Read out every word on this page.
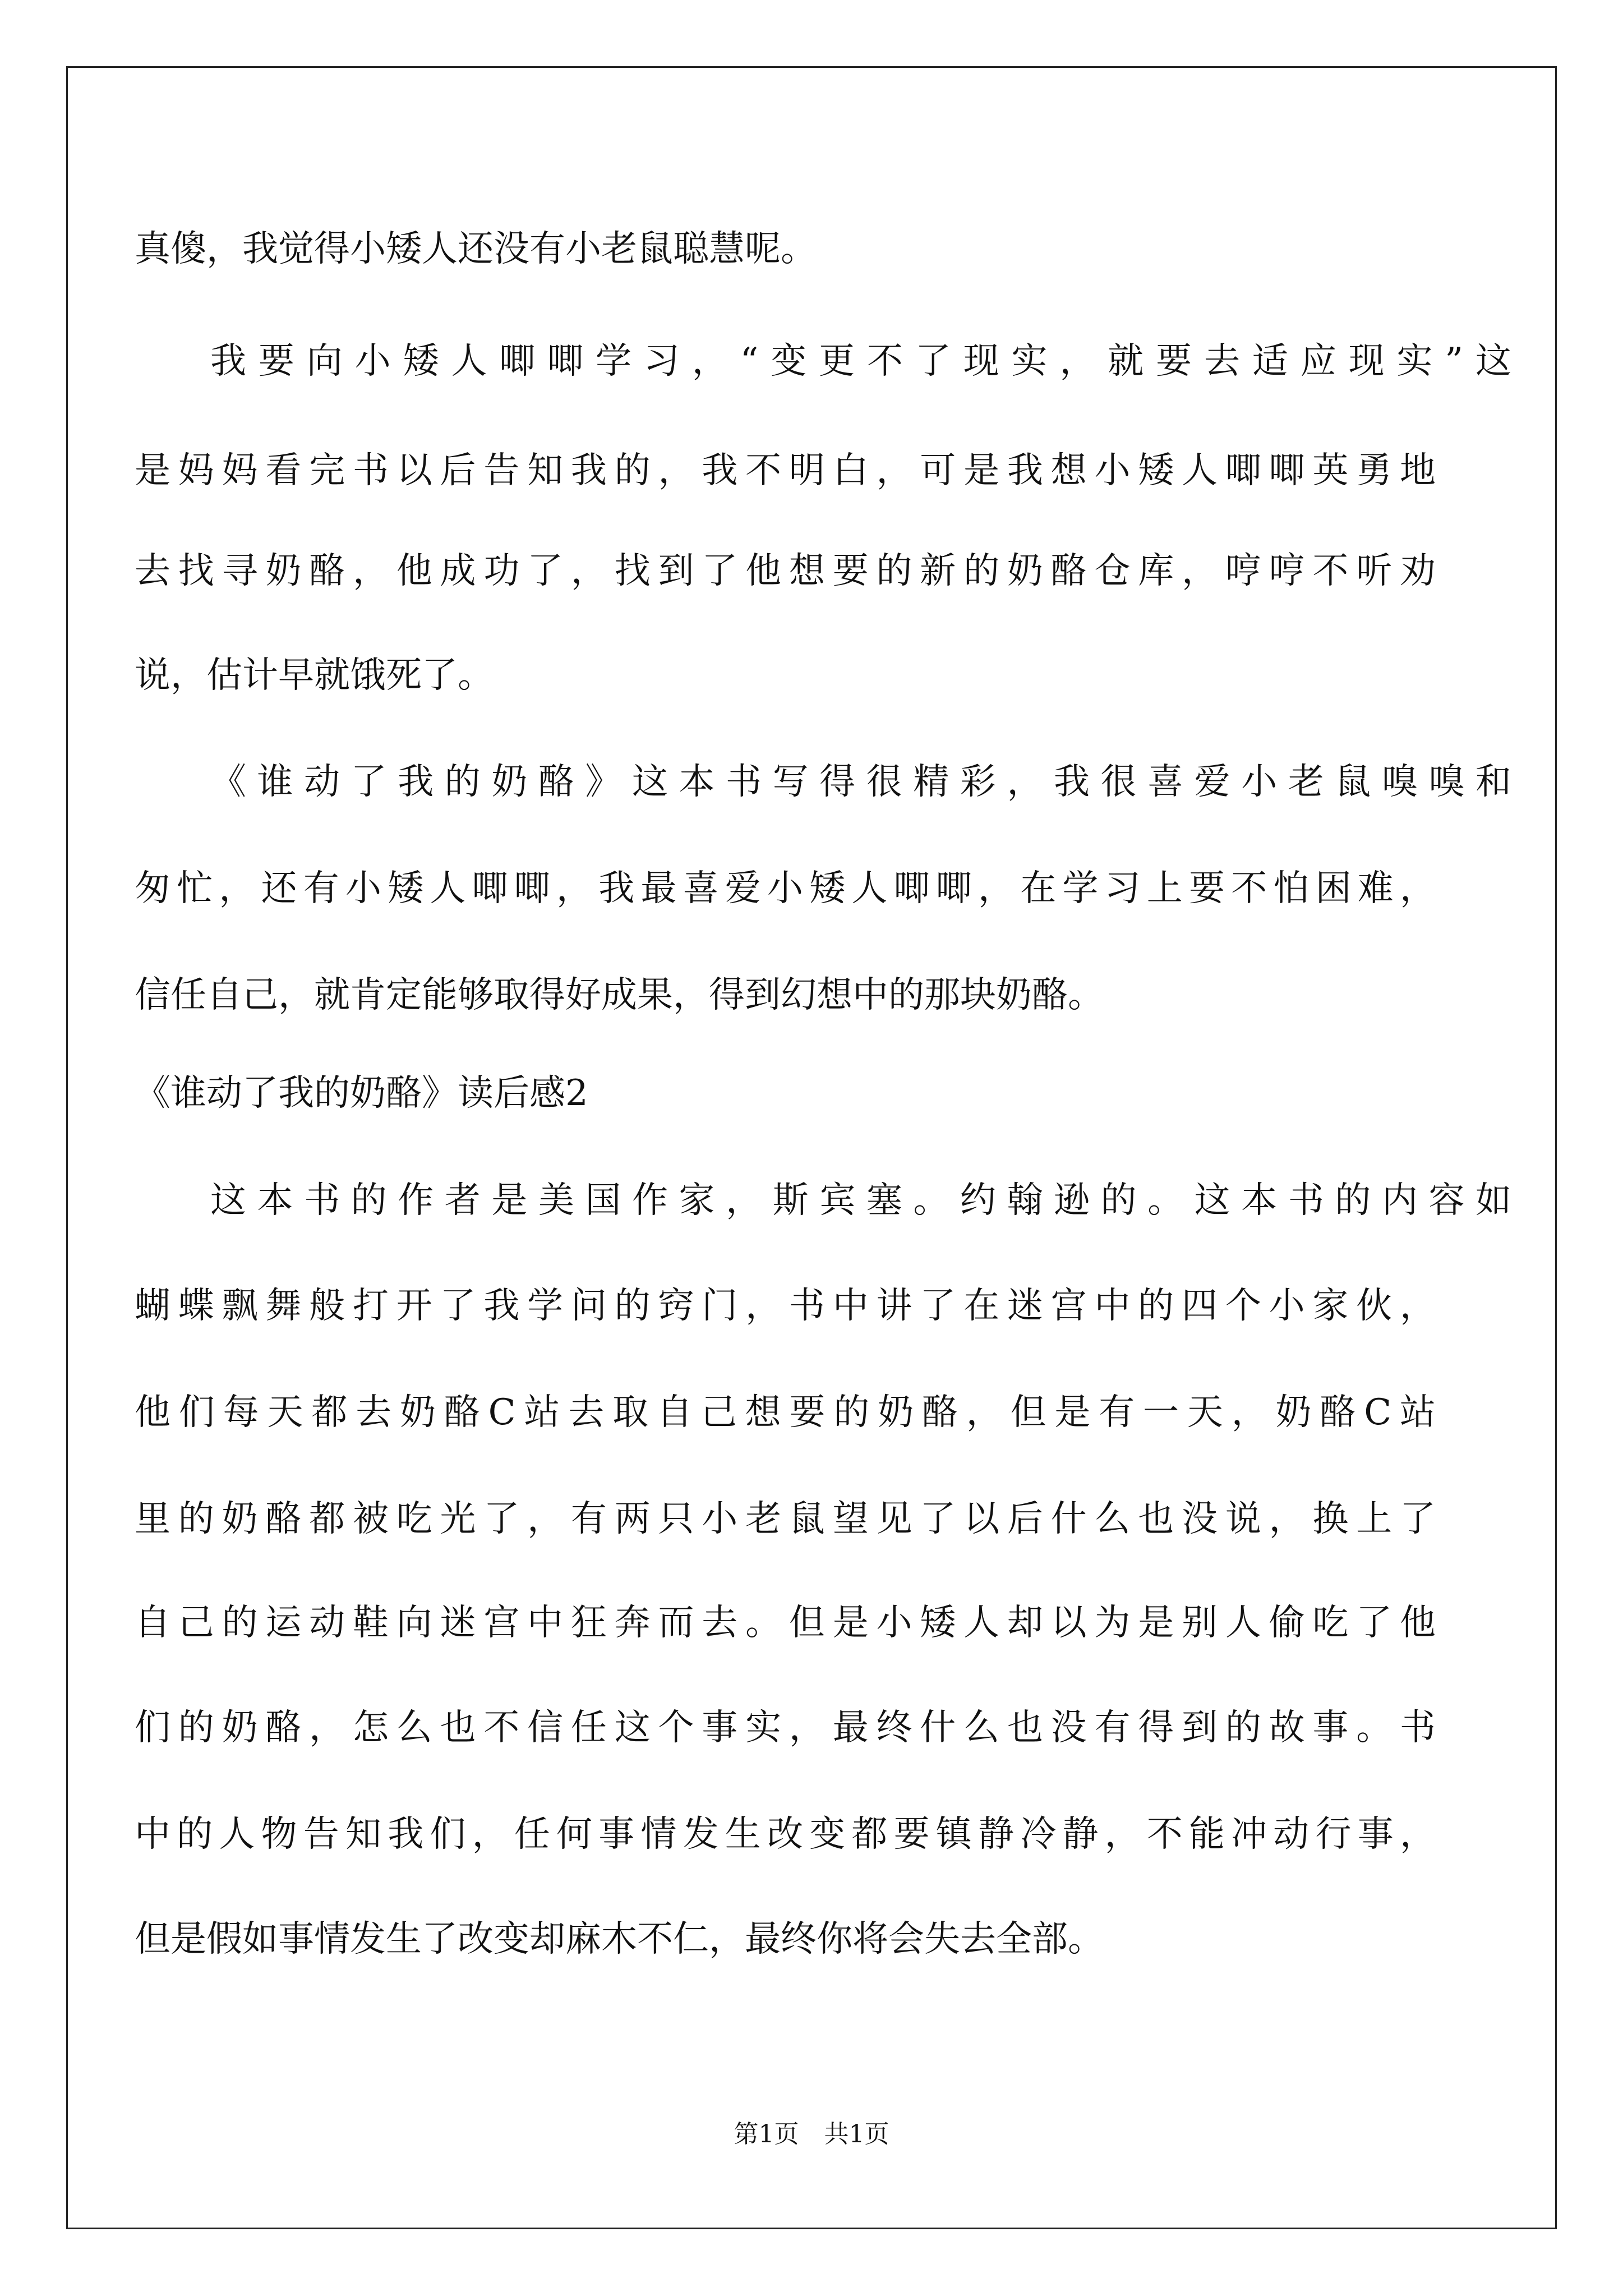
真傻，我觉得小矮人还没有小老鼠聪慧呢。
我要向小矮人唧唧学习，“变更不了现实，就要去适应现实”这
是妈妈看完书以后告知我的，我不明白，可是我想小矮人唧唧英勇地
去找寻奶酪，他成功了，找到了他想要的新的奶酪仓库，哼哼不听劝
说，估计早就饿死了。
《谁动了我的奶酪》这本书写得很精彩，我很喜爱小老鼠嗅嗅和
匆忙，还有小矮人唧唧，我最喜爱小矮人唧唧，在学习上要不怕困难，
信任自己，就肯定能够取得好成果，得到幻想中的那块奶酪。
《谁动了我的奶酪》读后感2
这本书的作者是美国作家，斯宾塞。约翰逊的。这本书的内容如
蝴蝶飘舞般打开了我学问的窍门，书中讲了在迷宫中的四个小家伙，
他们每天都去奶酪C站去取自己想要的奶酪，但是有一天，奶酪C站
里的奶酪都被吃光了，有两只小老鼠望见了以后什么也没说，换上了
自己的运动鞋向迷宫中狂奔而去。但是小矮人却以为是别人偷吃了他
们的奶酪，怎么也不信任这个事实，最终什么也没有得到的故事。书
中的人物告知我们，任何事情发生改变都要镇静冷静，不能冲动行事，
但是假如事情发生了改变却麻木不仁，最终你将会失去全部。
第1页 共1页
